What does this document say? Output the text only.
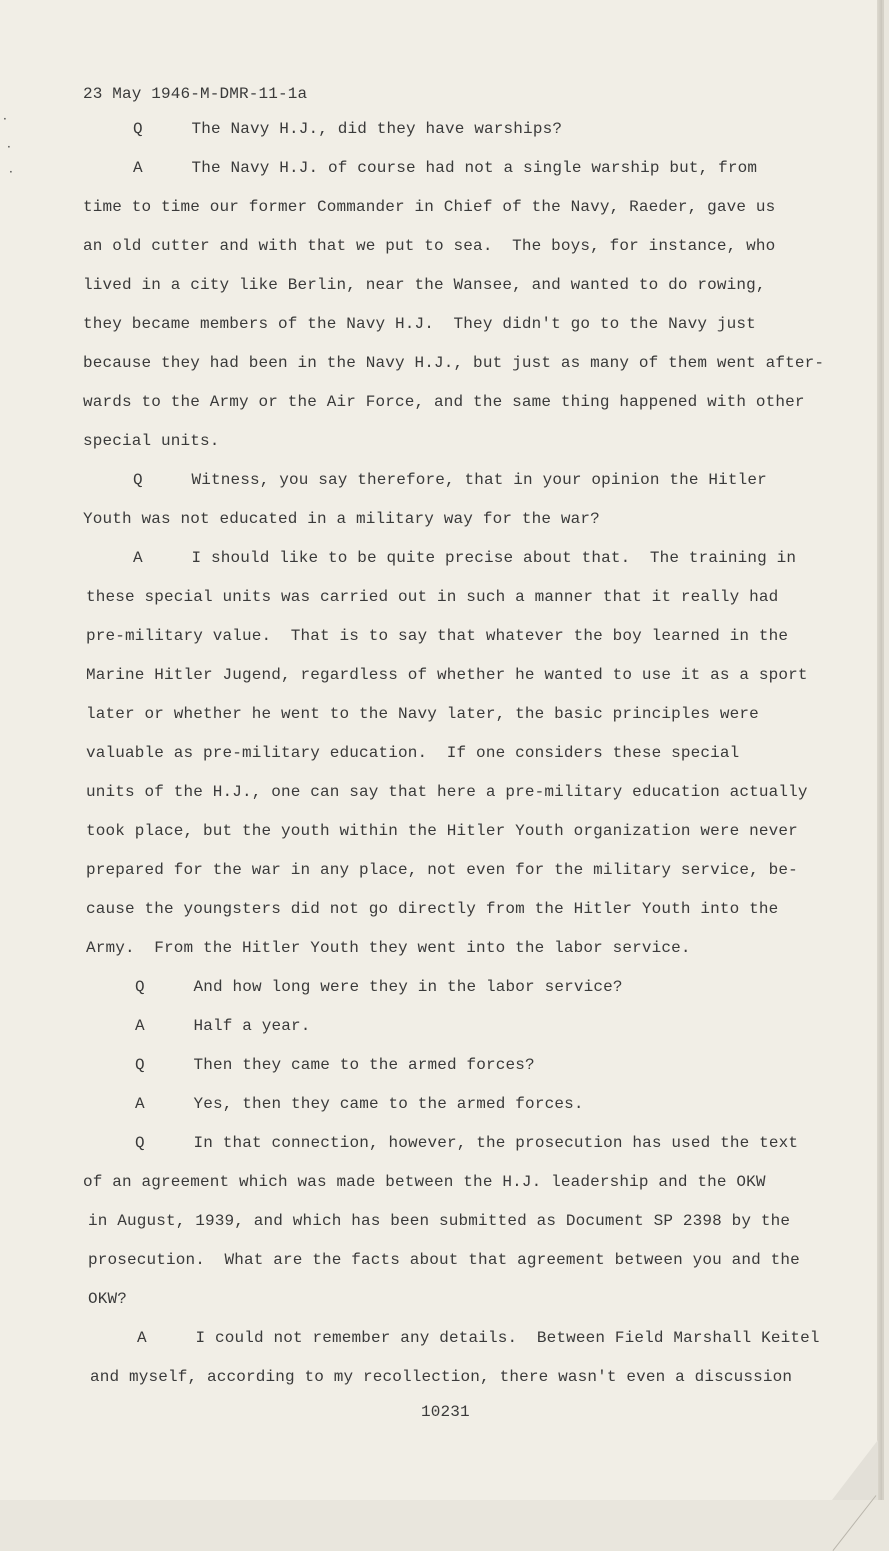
·
·
·
23 May 1946-M-DMR-11-1a
Q     The Navy H.J., did they have warships?
A     The Navy H.J. of course had not a single warship but, from
time to time our former Commander in Chief of the Navy, Raeder, gave us
an old cutter and with that we put to sea.  The boys, for instance, who
lived in a city like Berlin, near the Wansee, and wanted to do rowing,
they became members of the Navy H.J.  They didn't go to the Navy just
because they had been in the Navy H.J., but just as many of them went after-
wards to the Army or the Air Force, and the same thing happened with other
special units.
Q     Witness, you say therefore, that in your opinion the Hitler
Youth was not educated in a military way for the war?
A     I should like to be quite precise about that.  The training in
these special units was carried out in such a manner that it really had
pre-military value.  That is to say that whatever the boy learned in the
Marine Hitler Jugend, regardless of whether he wanted to use it as a sport
later or whether he went to the Navy later, the basic principles were
valuable as pre-military education.  If one considers these special
units of the H.J., one can say that here a pre-military education actually
took place, but the youth within the Hitler Youth organization were never
prepared for the war in any place, not even for the military service, be-
cause the youngsters did not go directly from the Hitler Youth into the
Army.  From the Hitler Youth they went into the labor service.
Q     And how long were they in the labor service?
A     Half a year.
Q     Then they came to the armed forces?
A     Yes, then they came to the armed forces.
Q     In that connection, however, the prosecution has used the text
of an agreement which was made between the H.J. leadership and the OKW
in August, 1939, and which has been submitted as Document SP 2398 by the
prosecution.  What are the facts about that agreement between you and the
OKW?
A     I could not remember any details.  Between Field Marshall Keitel
and myself, according to my recollection, there wasn't even a discussion
10231
